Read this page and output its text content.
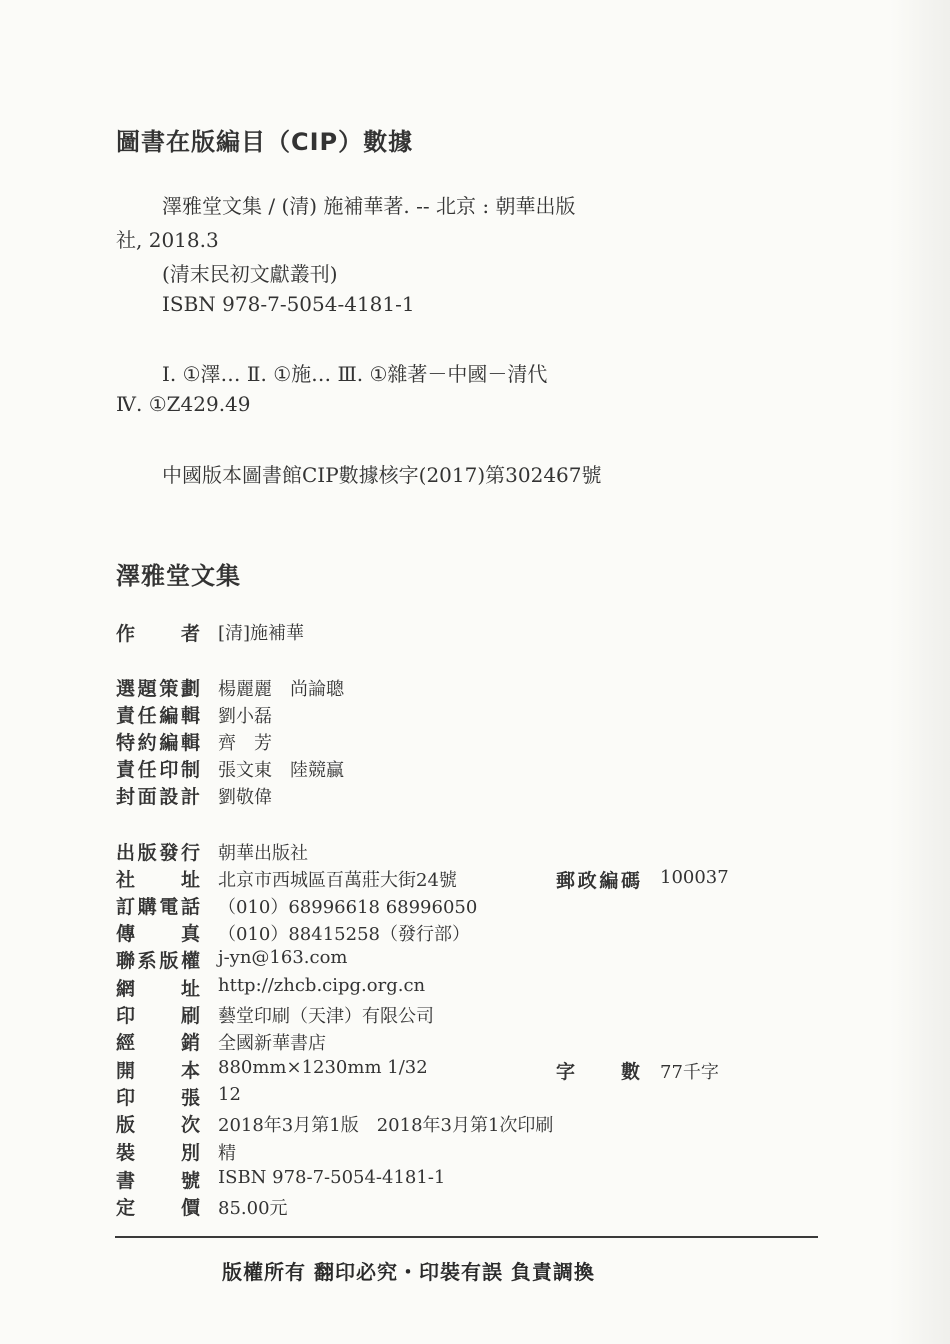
圖書在版編目（CIP）數據
澤雅堂文集 / (清) 施補華著. -- 北京 : 朝華出版
社, 2018.3
(清末民初文獻叢刊)
ISBN 978-7-5054-4181-1
Ⅰ. ①澤… Ⅱ. ①施… Ⅲ. ①雜著－中國－清代
Ⅳ. ①Z429.49
中國版本圖書館CIP數據核字(2017)第302467號
澤雅堂文集
作 者 [清]施補華
選 題 策 劃 楊麗麗　尚論聰
責 任 編 輯 劉小磊
特 約 編 輯 齊　芳
責 任 印 制 張文東　陸競贏
封 面 設 計 劉敬偉
出 版 發 行 朝華出版社
社 址 北京市西城區百萬莊大街24號
訂 購 電 話 （010）68996618 68996050
傳 真 （010）88415258（發行部）
聯 系 版 權 j-yn@163.com
網 址 http://zhcb.cipg.org.cn
印 刷 藝堂印刷（天津）有限公司
經 銷 全國新華書店
開 本 880mm×1230mm 1/32
印 張 12
版 次 2018年3月第1版　2018年3月第1次印刷
裝 別 精
書 號 ISBN 978-7-5054-4181-1
定 價 85.00元
郵 政 編 碼 100037
字 數 77千字
版權所有 翻印必究・印裝有誤 負責調換
